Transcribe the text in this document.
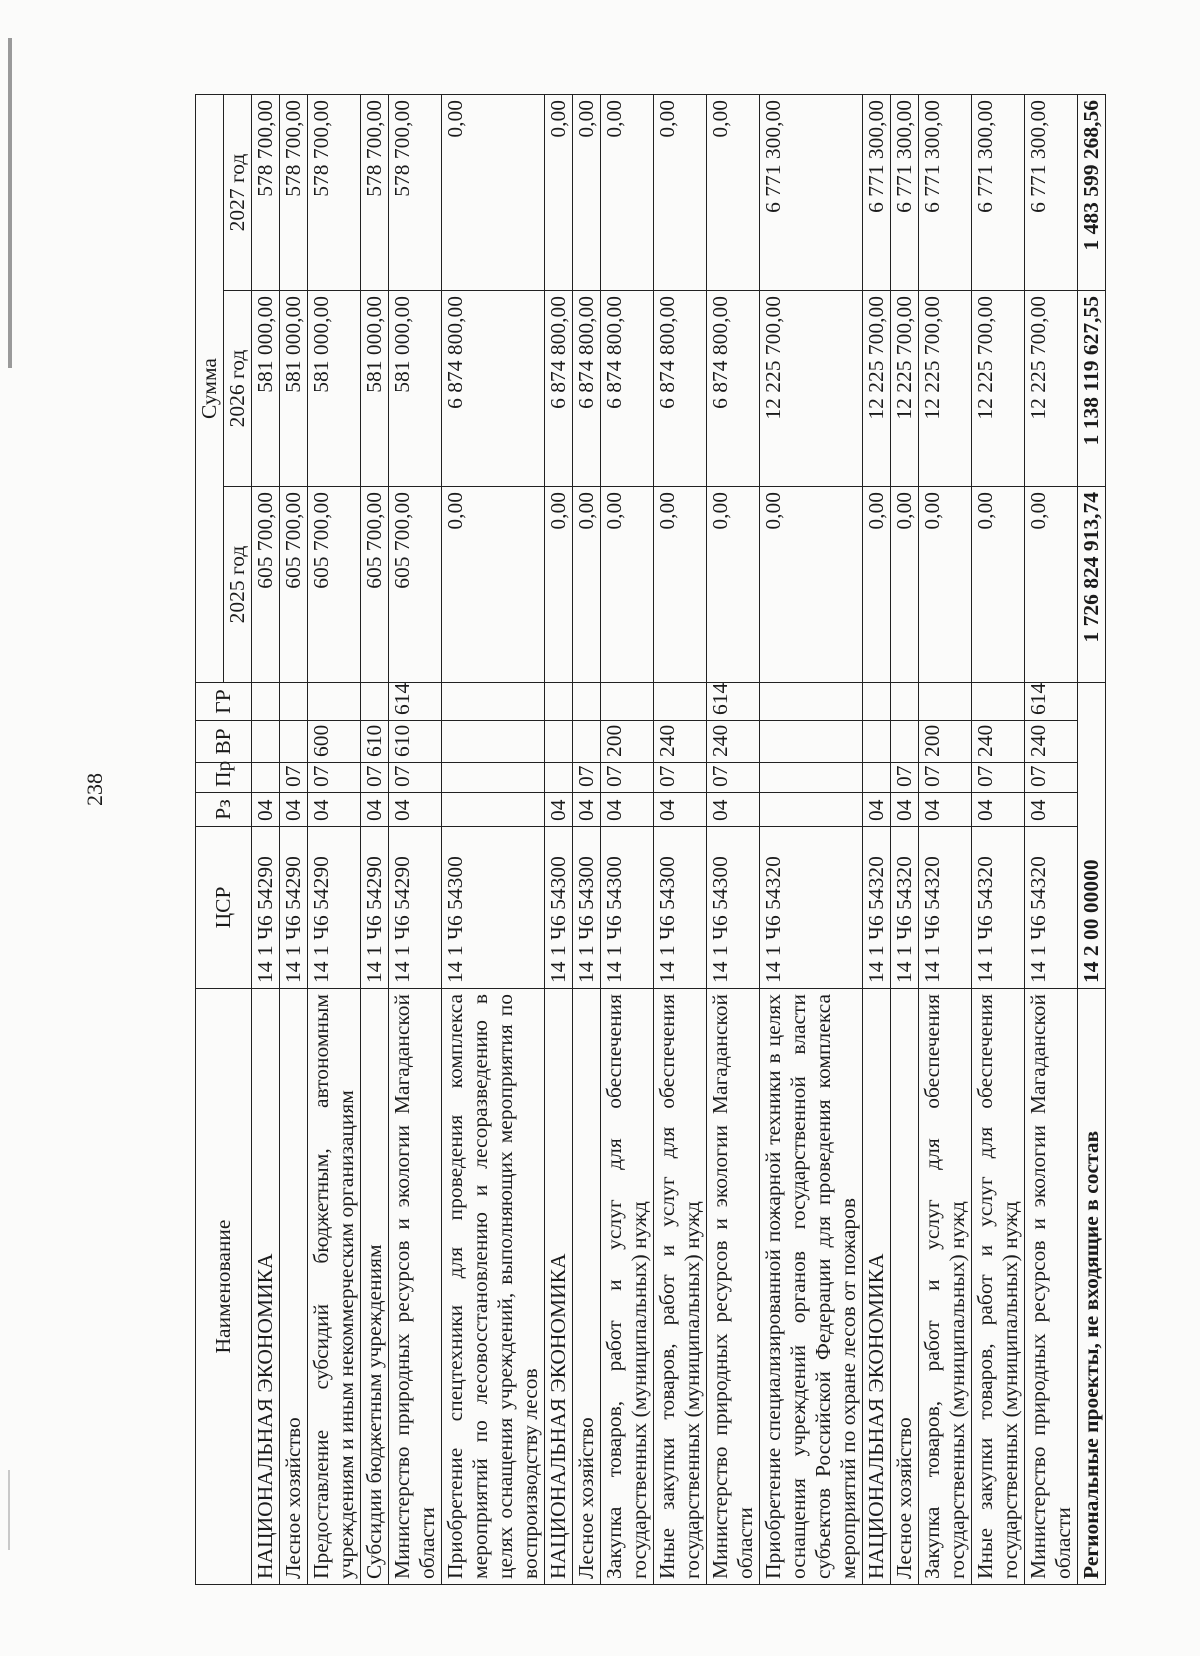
238
Наименование	ЦСР	Рз	Пр	ВР	ГР	Сумма		
						2025 год	2026 год	2027 год
НАЦИОНАЛЬНАЯ ЭКОНОМИКА	14 1 Ч6 54290	04				605 700,00	581 000,00	578 700,00
Лесное хозяйство	14 1 Ч6 54290	04	07			605 700,00	581 000,00	578 700,00
Предоставление субсидий бюджетным, автономным учреждениям и иным некоммерческим организациям	14 1 Ч6 54290	04	07	600		605 700,00	581 000,00	578 700,00
Субсидии бюджетным учреждениям	14 1 Ч6 54290	04	07	610		605 700,00	581 000,00	578 700,00
Министерство природных ресурсов и экологии Магаданской области	14 1 Ч6 54290	04	07	610	614	605 700,00	581 000,00	578 700,00
Приобретение спецтехники для проведения комплекса мероприятий по лесовосстановлению и лесоразведению в целях оснащения учреждений, выполняющих мероприятия по воспроизводству лесов	14 1 Ч6 54300					0,00	6 874 800,00	0,00
НАЦИОНАЛЬНАЯ ЭКОНОМИКА	14 1 Ч6 54300	04				0,00	6 874 800,00	0,00
Лесное хозяйство	14 1 Ч6 54300	04	07			0,00	6 874 800,00	0,00
Закупка товаров, работ и услуг для обеспечения государственных (муниципальных) нужд	14 1 Ч6 54300	04	07	200		0,00	6 874 800,00	0,00
Иные закупки товаров, работ и услуг для обеспечения государственных (муниципальных) нужд	14 1 Ч6 54300	04	07	240		0,00	6 874 800,00	0,00
Министерство природных ресурсов и экологии Магаданской области	14 1 Ч6 54300	04	07	240	614	0,00	6 874 800,00	0,00
Приобретение специализированной пожарной техники в целях оснащения учреждений органов государственной власти субъектов Российской Федерации для проведения комплекса мероприятий по охране лесов от пожаров	14 1 Ч6 54320					0,00	12 225 700,00	6 771 300,00
НАЦИОНАЛЬНАЯ ЭКОНОМИКА	14 1 Ч6 54320	04				0,00	12 225 700,00	6 771 300,00
Лесное хозяйство	14 1 Ч6 54320	04	07			0,00	12 225 700,00	6 771 300,00
Закупка товаров, работ и услуг для обеспечения государственных (муниципальных) нужд	14 1 Ч6 54320	04	07	200		0,00	12 225 700,00	6 771 300,00
Иные закупки товаров, работ и услуг для обеспечения государственных (муниципальных) нужд	14 1 Ч6 54320	04	07	240		0,00	12 225 700,00	6 771 300,00
Министерство природных ресурсов и экологии Магаданской области	14 1 Ч6 54320	04	07	240	614	0,00	12 225 700,00	6 771 300,00
Региональные проекты, не входящие в состав	14 2 00 00000					1 726 824 913,74	1 138 119 627,55	1 483 599 268,56
